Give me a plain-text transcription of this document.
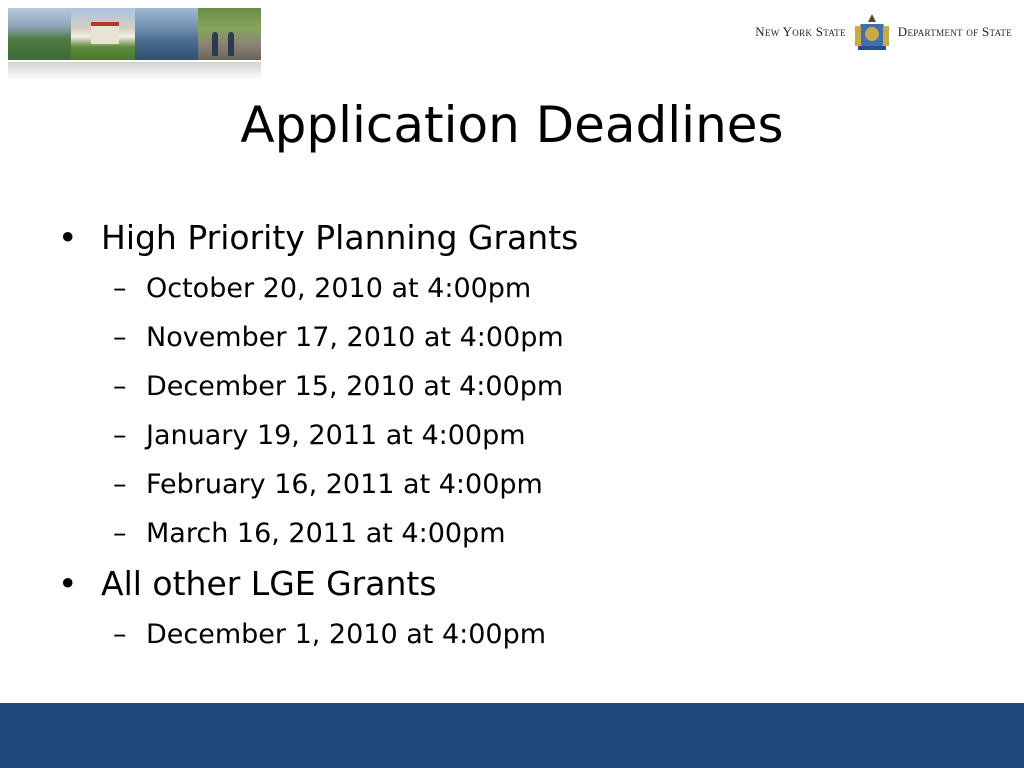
New York State	Department of State
Application Deadlines
• High Priority Planning Grants
– October 20, 2010 at 4:00pm
– November 17, 2010 at 4:00pm
– December 15, 2010 at 4:00pm
– January 19, 2011 at 4:00pm
– February 16, 2011 at 4:00pm
– March 16, 2011 at 4:00pm
• All other LGE Grants
– December 1, 2010 at 4:00pm
